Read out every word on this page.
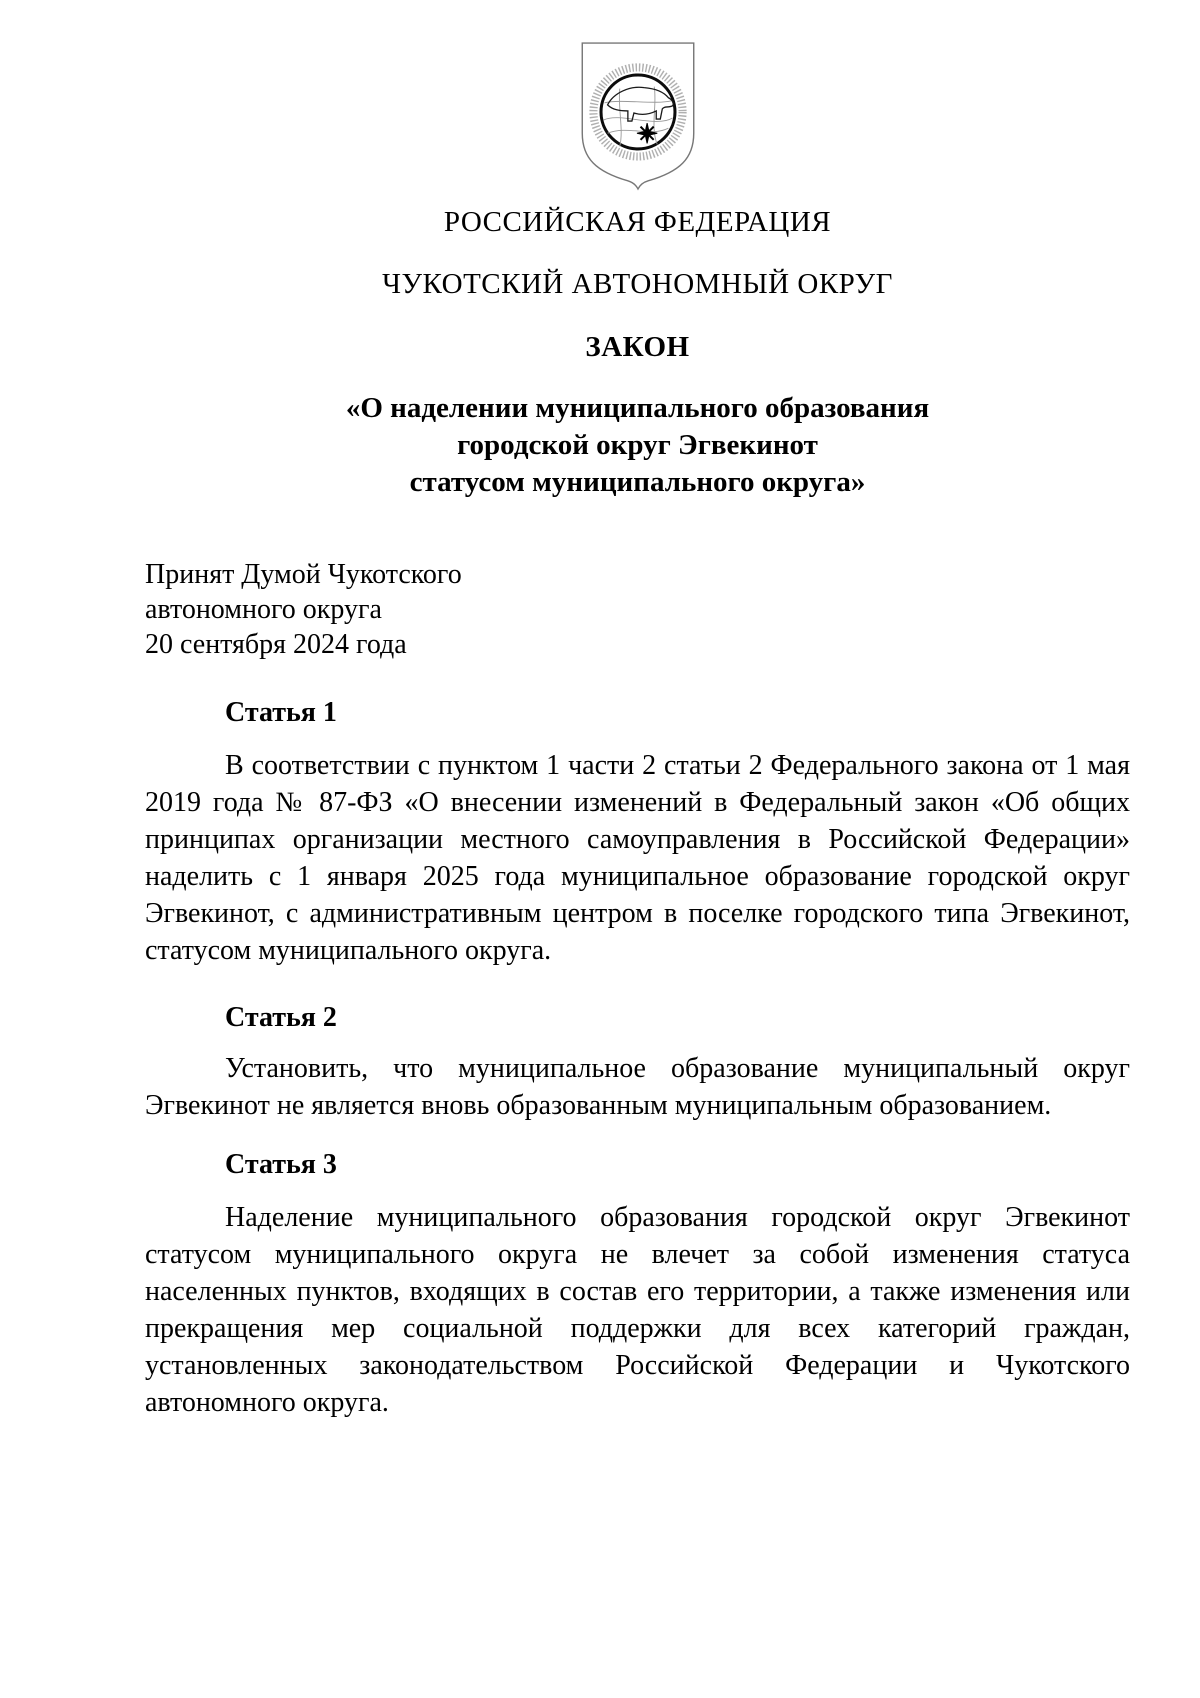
РОССИЙСКАЯ ФЕДЕРАЦИЯ
ЧУКОТСКИЙ АВТОНОМНЫЙ ОКРУГ
ЗАКОН
«О наделении муниципального образования
городской округ Эгвекинот
статусом муниципального округа»
Принят Думой Чукотского
автономного округа
20 сентября 2024 года
Статья 1

В соответствии с пунктом 1 части 2 статьи 2 Федерального закона от 1 мая 2019 года № 87-ФЗ «О внесении изменений в Федеральный закон «Об общих принципах организации местного самоуправления в Российской Федерации» наделить с 1 января 2025 года муниципальное образование городской округ Эгвекинот, с административным центром в поселке городского типа Эгвекинот, статусом муниципального округа.

Статья 2

Установить, что муниципальное образование муниципальный округ Эгвекинот не является вновь образованным муниципальным образованием.

Статья 3

Наделение муниципального образования городской округ Эгвекинот статусом муниципального округа не влечет за собой изменения статуса населенных пунктов, входящих в состав его территории, а также изменения или прекращения мер социальной поддержки для всех категорий граждан, установленных законодательством Российской Федерации и Чукотского автономного округа.
